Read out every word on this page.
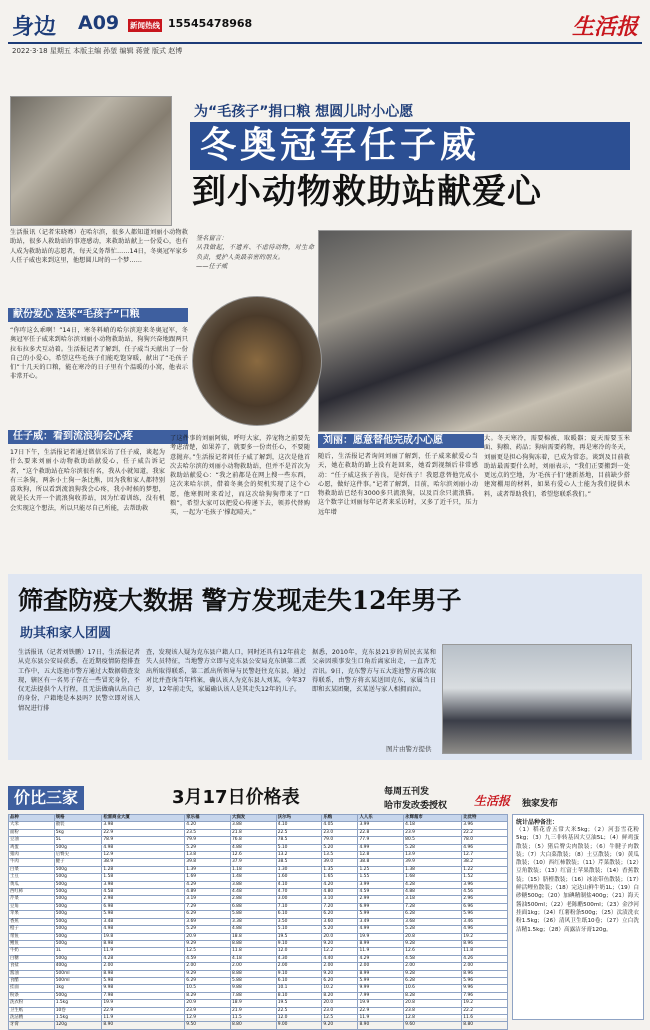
身边 A09 新闻热线 15545478968	生活报
2022·3·18 星期五 本版主编 孙堃 编辑 蒋萱 版式 赵博
为“毛孩子”捐口粮 想圆儿时小心愿
冬奥冠军任子威
到小动物救助站献爱心

生活报讯（记者宋晓骞）在哈尔滨，很多人都知道刘丽小动物救助站，很多人救助站的事迹感动，来救助站献上一份爱心，也有人成为救助站的志愿者，每天义务帮忙……14日，冬奥冠军家乡人任子威也来到这里，他想圆儿时的一个梦……

签名留言：
从我做起，不遗弃、不虐待动物，对生命负责，爱护人类最亲密的朋友。
——任子威

献份爱心 送来“毛孩子”口粮

“你咋这么乖啊！”14日，寒冬料峭的哈尔滨迎来冬奥冠军，冬奥冠军任子威来到哈尔滨刘丽小动物救助站，狗狗兴奋地跟两只拉布拉多犬互动着。生活报记者了解到，任子威当天献出了一份自己的小爱心，希望这些毛孩子们能吃饱穿暖，献出了“毛孩子们”十几天的口粮，能在寒冷的日子里有个温暖的小窝，他表示非常开心。

任子威：看到流浪狗会心疼

17日下午，生活报记者通过微信采访了任子威，谈起为什么要来刘丽小动物救助站献爱心，任子威告诉记者，“这个救助站在哈尔滨很有名，我从小就知道，我家有三条狗，两条小土狗一条比熊，因为我和家人都特别喜欢狗，所以看到流浪狗我会心疼，我小时候的梦想，就是长大开一个流浪狗收养站，因为忙着训练，没有机会实现这个想法，所以只能尽自己所能，去帮助救

了这件事的刘丽阿姨，呼吁大家，养宠物之前要先考虑清楚，如果养了，就要多一份责任心，不要随意抛弃。”生活报记者问任子威了解到，这次是他首次去哈尔滨的刘丽小动物救助站，但并不是首次为救助站献爱心：“我之前都是在网上搜一些东西，这次来哈尔滨，借着冬奥会的契机实现了这个心愿，他寒假时来看过，而这次给狗狗带来了“口粮”，希望大家可以把爱心传递下去，领养代替购买，一起为‘毛孩子’撑起晴天。”

刘丽：愿意替他完成小心愿

随后，生活报记者询问刘丽了解到，任子威来献爱心当天，她在救助的路上没有赶回来，她看到视频后非常感动：“任子威这孩子善良，是好孩子！我愿意替他完成小心愿，做好这件事。”记者了解到，目前，哈尔滨刘丽小动物救助站已经有3000多只流浪狗，以及百余只流浪猫。这个数字让刘丽每年记者来采访时，又多了近千只，压力远年增

大。冬天寒冷，需要棉被、取暖器；夏天需要玉米面、狗粮、药品；狗病需要药物，再是寒冷的冬天，刘丽更是担心狗狗冻着，已成为常态。谈到及目前救助站最需要什么时，刘丽表示，“我们正要搬到一处更远点的空地，为‘毛孩子们’建新基地，目前缺少搭建窝棚用的材料，如果有爱心人士能为我们提供木料，或者帮助我们，希望您联系我们。”

筛查防疫大数据 警方发现走失12年男子
助其和家人团圆

生活报讯（记者刘铁鹏）17日，生活报记者从克东县公安局获悉，在近期疫情防控排查工作中，五大连池市警方通过大数据筛查发现，辖区有一名男子存在一些冒充身份，不仅无法提供个人行程，且无法做确认出自己的身份，户籍地是本县吗？民警立即对该人情况进行排

查，发现该人疑为克东县户籍人口，同时还具有12年前走失人员特征，当地警方立即与克东县公安局克东镇第二派出所取得联系，第二派出所领导与民警赶往克东县，通过对比并查询当年档案，确认该人为克东县人刘某，今年37岁，12年前走失，家属确认该人是其走失12年的儿子。

据悉，2010年，克东县21岁的居民玄某和父亲因琐事发生口角后离家出走，一直杳无音讯。9日，克东警方与五大连池警方再次取得联系，由警方将玄某送回克东，家属当日即和玄某团聚，玄某送与家人相拥而泣。

图片由警方提供
价比三家	3月17日价格表	每周五刊发
哈市发改委授权 生活报 独家发布
品种	规格	松雷商业大厦	家乐福	大润发	沃尔玛	乐购	人人乐	永辉超市	比优特
大米	散装	3.98	4.20	3.88	4.10	4.05	3.99	4.18	3.96
面粉	5kg	22.9	23.5	21.8	22.5	23.0	22.8	23.9	22.2
豆油	5L	78.9	79.9	76.8	78.5	79.0	77.9	80.5	78.0
鸡蛋	500g	4.98	5.29	4.88	5.10	5.20	4.99	5.28	4.96
猪肉	后臀尖	12.9	13.8	12.6	13.2	13.5	12.8	13.9	12.7
牛肉	腱子	38.9	39.8	37.9	38.5	39.0	38.8	39.9	38.2
白菜	500g	1.28	1.39	1.18	1.30	1.35	1.25	1.38	1.22
土豆	500g	1.58	1.69	1.48	1.60	1.65	1.55	1.68	1.52
黄瓜	500g	3.98	4.29	3.88	4.10	4.20	3.99	4.28	3.96
西红柿	500g	4.58	4.89	4.48	4.70	4.80	4.59	4.88	4.56
芹菜	500g	2.98	3.19	2.88	3.00	3.10	2.99	3.18	2.96
豆角	500g	6.98	7.29	6.88	7.10	7.20	6.99	7.28	6.96
苹果	500g	5.98	6.29	5.88	6.10	6.20	5.99	6.28	5.96
香蕉	500g	3.48	3.69	3.38	3.50	3.60	3.49	3.68	3.46
橙子	500g	4.98	5.29	4.88	5.10	5.20	4.99	5.28	4.96
带鱼	500g	19.8	20.9	18.8	19.5	20.0	19.9	20.8	19.2
鲤鱼	500g	8.98	9.29	8.88	9.10	9.20	8.99	9.28	8.96
牛奶	1L	11.9	12.5	11.8	12.0	12.2	11.9	12.6	11.8
白糖	500g	4.28	4.59	4.18	4.30	4.40	4.29	4.58	4.26
食盐	400g	2.00	2.00	2.00	2.00	2.00	2.00	2.00	2.00
酱油	500ml	8.98	9.29	8.88	9.10	9.20	8.99	9.28	8.96
食醋	500ml	5.98	6.29	5.88	6.10	6.20	5.99	6.28	5.96
挂面	1kg	9.98	10.5	9.88	10.1	10.2	9.99	10.6	9.96
粉条	500g	7.98	8.29	7.88	8.10	8.20	7.99	8.28	7.96
洗衣粉	1.5kg	19.9	20.9	18.9	19.5	20.0	19.9	20.8	19.2
卫生纸	10卷	22.9	23.9	21.9	22.5	23.0	22.9	23.8	22.2
洗洁精	1.5kg	11.9	12.9	11.5	12.0	12.5	11.9	12.8	11.6
牙膏	120g	8.90	9.50	8.80	9.00	9.20	8.90	9.60	8.80
统计品种备注：

（1）稻花香五常大米5kg；（2）河套雪花粉5kg；（3）九三非转基因大豆油5L；（4）鲜鸡蛋散装；（5）猪后臀尖肉散装；（6）牛腱子肉散装；（7）大白菜散装；（8）土豆散装；（9）黄瓜散装；（10）西红柿散装；（11）芹菜散装；（12）豆角散装；（13）红富士苹果散装；（14）香蕉散装；（15）脐橙散装；（16）冰冻带鱼散装；（17）鲜活鲤鱼散装；（18）完达山鲜牛奶1L；（19）白砂糖500g；（20）加碘精制盐400g；（21）海天酱油500ml；（22）老陈醋500ml；（23）金沙河挂面1kg；（24）红薯粉条500g；（25）汰渍洗衣粉1.5kg；（26）清风卫生纸10卷；（27）立白洗洁精1.5kg；（28）高露洁牙膏120g。
